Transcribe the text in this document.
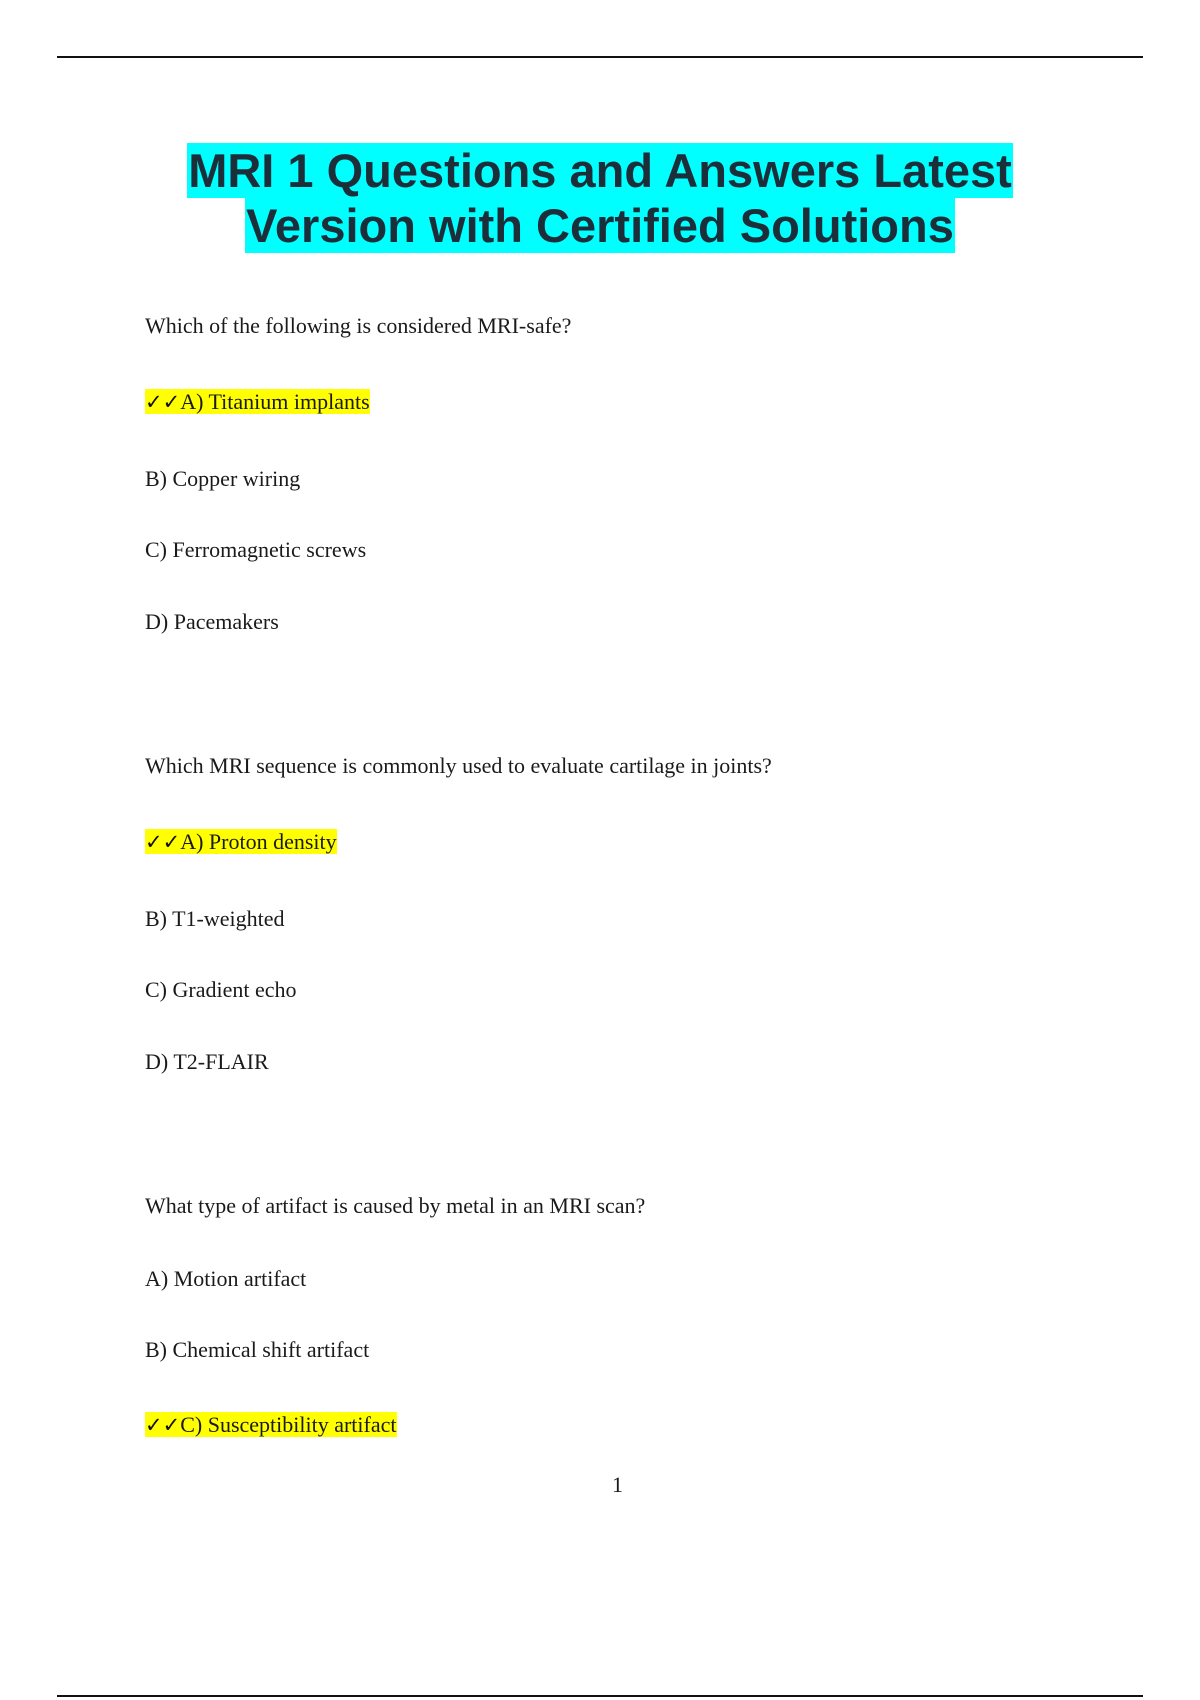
MRI 1 Questions and Answers Latest
Version with Certified Solutions
Which of the following is considered MRI-safe?
✓✓A) Titanium implants
B) Copper wiring
C) Ferromagnetic screws
D) Pacemakers
Which MRI sequence is commonly used to evaluate cartilage in joints?
✓✓A) Proton density
B) T1-weighted
C) Gradient echo
D) T2-FLAIR
What type of artifact is caused by metal in an MRI scan?
A) Motion artifact
B) Chemical shift artifact
✓✓C) Susceptibility artifact
1
